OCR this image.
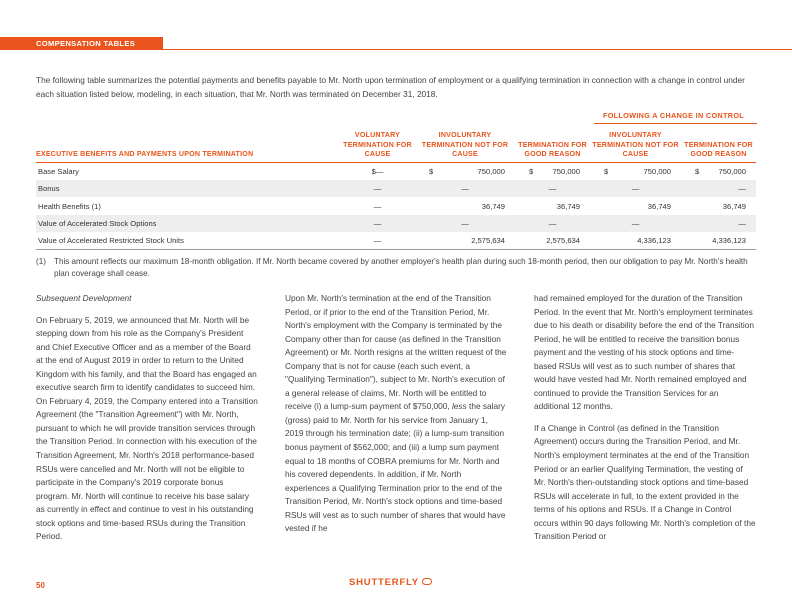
COMPENSATION TABLES
The following table summarizes the potential payments and benefits payable to Mr. North upon termination of employment or a qualifying termination in connection with a change in control under each situation listed below, modeling, in each situation, that Mr. North was terminated on December 31, 2018.
FOLLOWING A CHANGE IN CONTROL
EXECUTIVE BENEFITS AND PAYMENTS UPON TERMINATION	VOLUNTARY TERMINATION FOR CAUSE	INVOLUNTARY TERMINATION NOT FOR CAUSE	TERMINATION FOR GOOD REASON	INVOLUNTARY TERMINATION NOT FOR CAUSE	TERMINATION FOR GOOD REASON
Base Salary	$—	$ 750,000	$ 750,000	$ 750,000	$ 750,000
Bonus	—	—	—	—	—
Health Benefits (1)	—	36,749	36,749	36,749	36,749
Value of Accelerated Stock Options	—	—	—	—	—
Value of Accelerated Restricted Stock Units	—	2,575,634	2,575,634	4,336,123	4,336,123
(1) This amount reflects our maximum 18-month obligation. If Mr. North became covered by another employer's health plan during such 18-month period, then our obligation to pay Mr. North's health plan coverage shall cease.

Subsequent Development

On February 5, 2019, we announced that Mr. North will be stepping down from his role as the Company's President and Chief Executive Officer and as a member of the Board at the end of August 2019 in order to return to the United Kingdom with his family, and that the Board has engaged an executive search firm to identify candidates to succeed him. On February 4, 2019, the Company entered into a Transition Agreement (the "Transition Agreement") with Mr. North, pursuant to which he will provide transition services through the Transition Period. In connection with his execution of the Transition Agreement, Mr. North's 2018 performance-based RSUs were cancelled and Mr. North will not be eligible to participate in the Company's 2019 corporate bonus program. Mr. North will continue to receive his base salary as currently in effect and continue to vest in his outstanding stock options and time-based RSUs during the Transition Period.

Upon Mr. North's termination at the end of the Transition Period, or if prior to the end of the Transition Period, Mr. North's employment with the Company is terminated by the Company other than for cause (as defined in the Transition Agreement) or Mr. North resigns at the written request of the Company that is not for cause (each such event, a "Qualifying Termination"), subject to Mr. North's execution of a general release of claims, Mr. North will be entitled to receive (i) a lump-sum payment of $750,000, less the salary (gross) paid to Mr. North for his service from January 1, 2019 through his termination date; (ii) a lump-sum transition bonus payment of $562,000; and (iii) a lump sum payment equal to 18 months of COBRA premiums for Mr. North and his covered dependents. In addition, if Mr. North experiences a Qualifying Termination prior to the end of the Transition Period, Mr. North's stock options and time-based RSUs will vest as to such number of shares that would have vested if he

had remained employed for the duration of the Transition Period. In the event that Mr. North's employment terminates due to his death or disability before the end of the Transition Period, he will be entitled to receive the transition bonus payment and the vesting of his stock options and time-based RSUs will vest as to such number of shares that would have vested had Mr. North remained employed and continued to provide the Transition Services for an additional 12 months.

If a Change in Control (as defined in the Transition Agreement) occurs during the Transition Period, and Mr. North's employment terminates at the end of the Transition Period or an earlier Qualifying Termination, the vesting of Mr. North's then-outstanding stock options and time-based RSUs will accelerate in full, to the extent provided in the terms of his options and RSUs. If a Change in Control occurs within 90 days following Mr. North's completion of the Transition Period or

50	SHUTTERFLY
